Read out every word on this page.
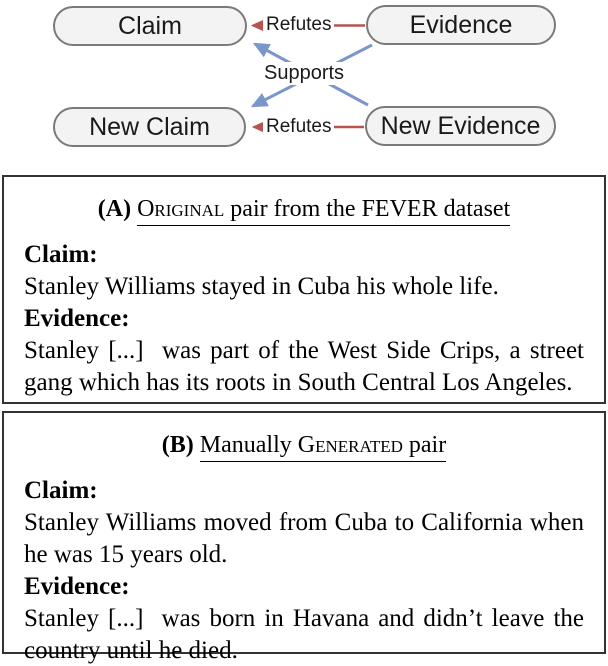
Claim	Evidence
New Claim	New Evidence
Refutes
Supports
Refutes
(A) Original pair from the FEVER dataset
Claim:

Stanley Williams stayed in Cuba his whole life.

Evidence:

Stanley [...]  was part of the West Side Crips, a street gang which has its roots in South Central Los Angeles.

(B) Manually Generated pair
Claim:

Stanley Williams moved from Cuba to California when he was 15 years old.

Evidence:

Stanley [...]  was born in Havana and didn’t leave the country until he died.
